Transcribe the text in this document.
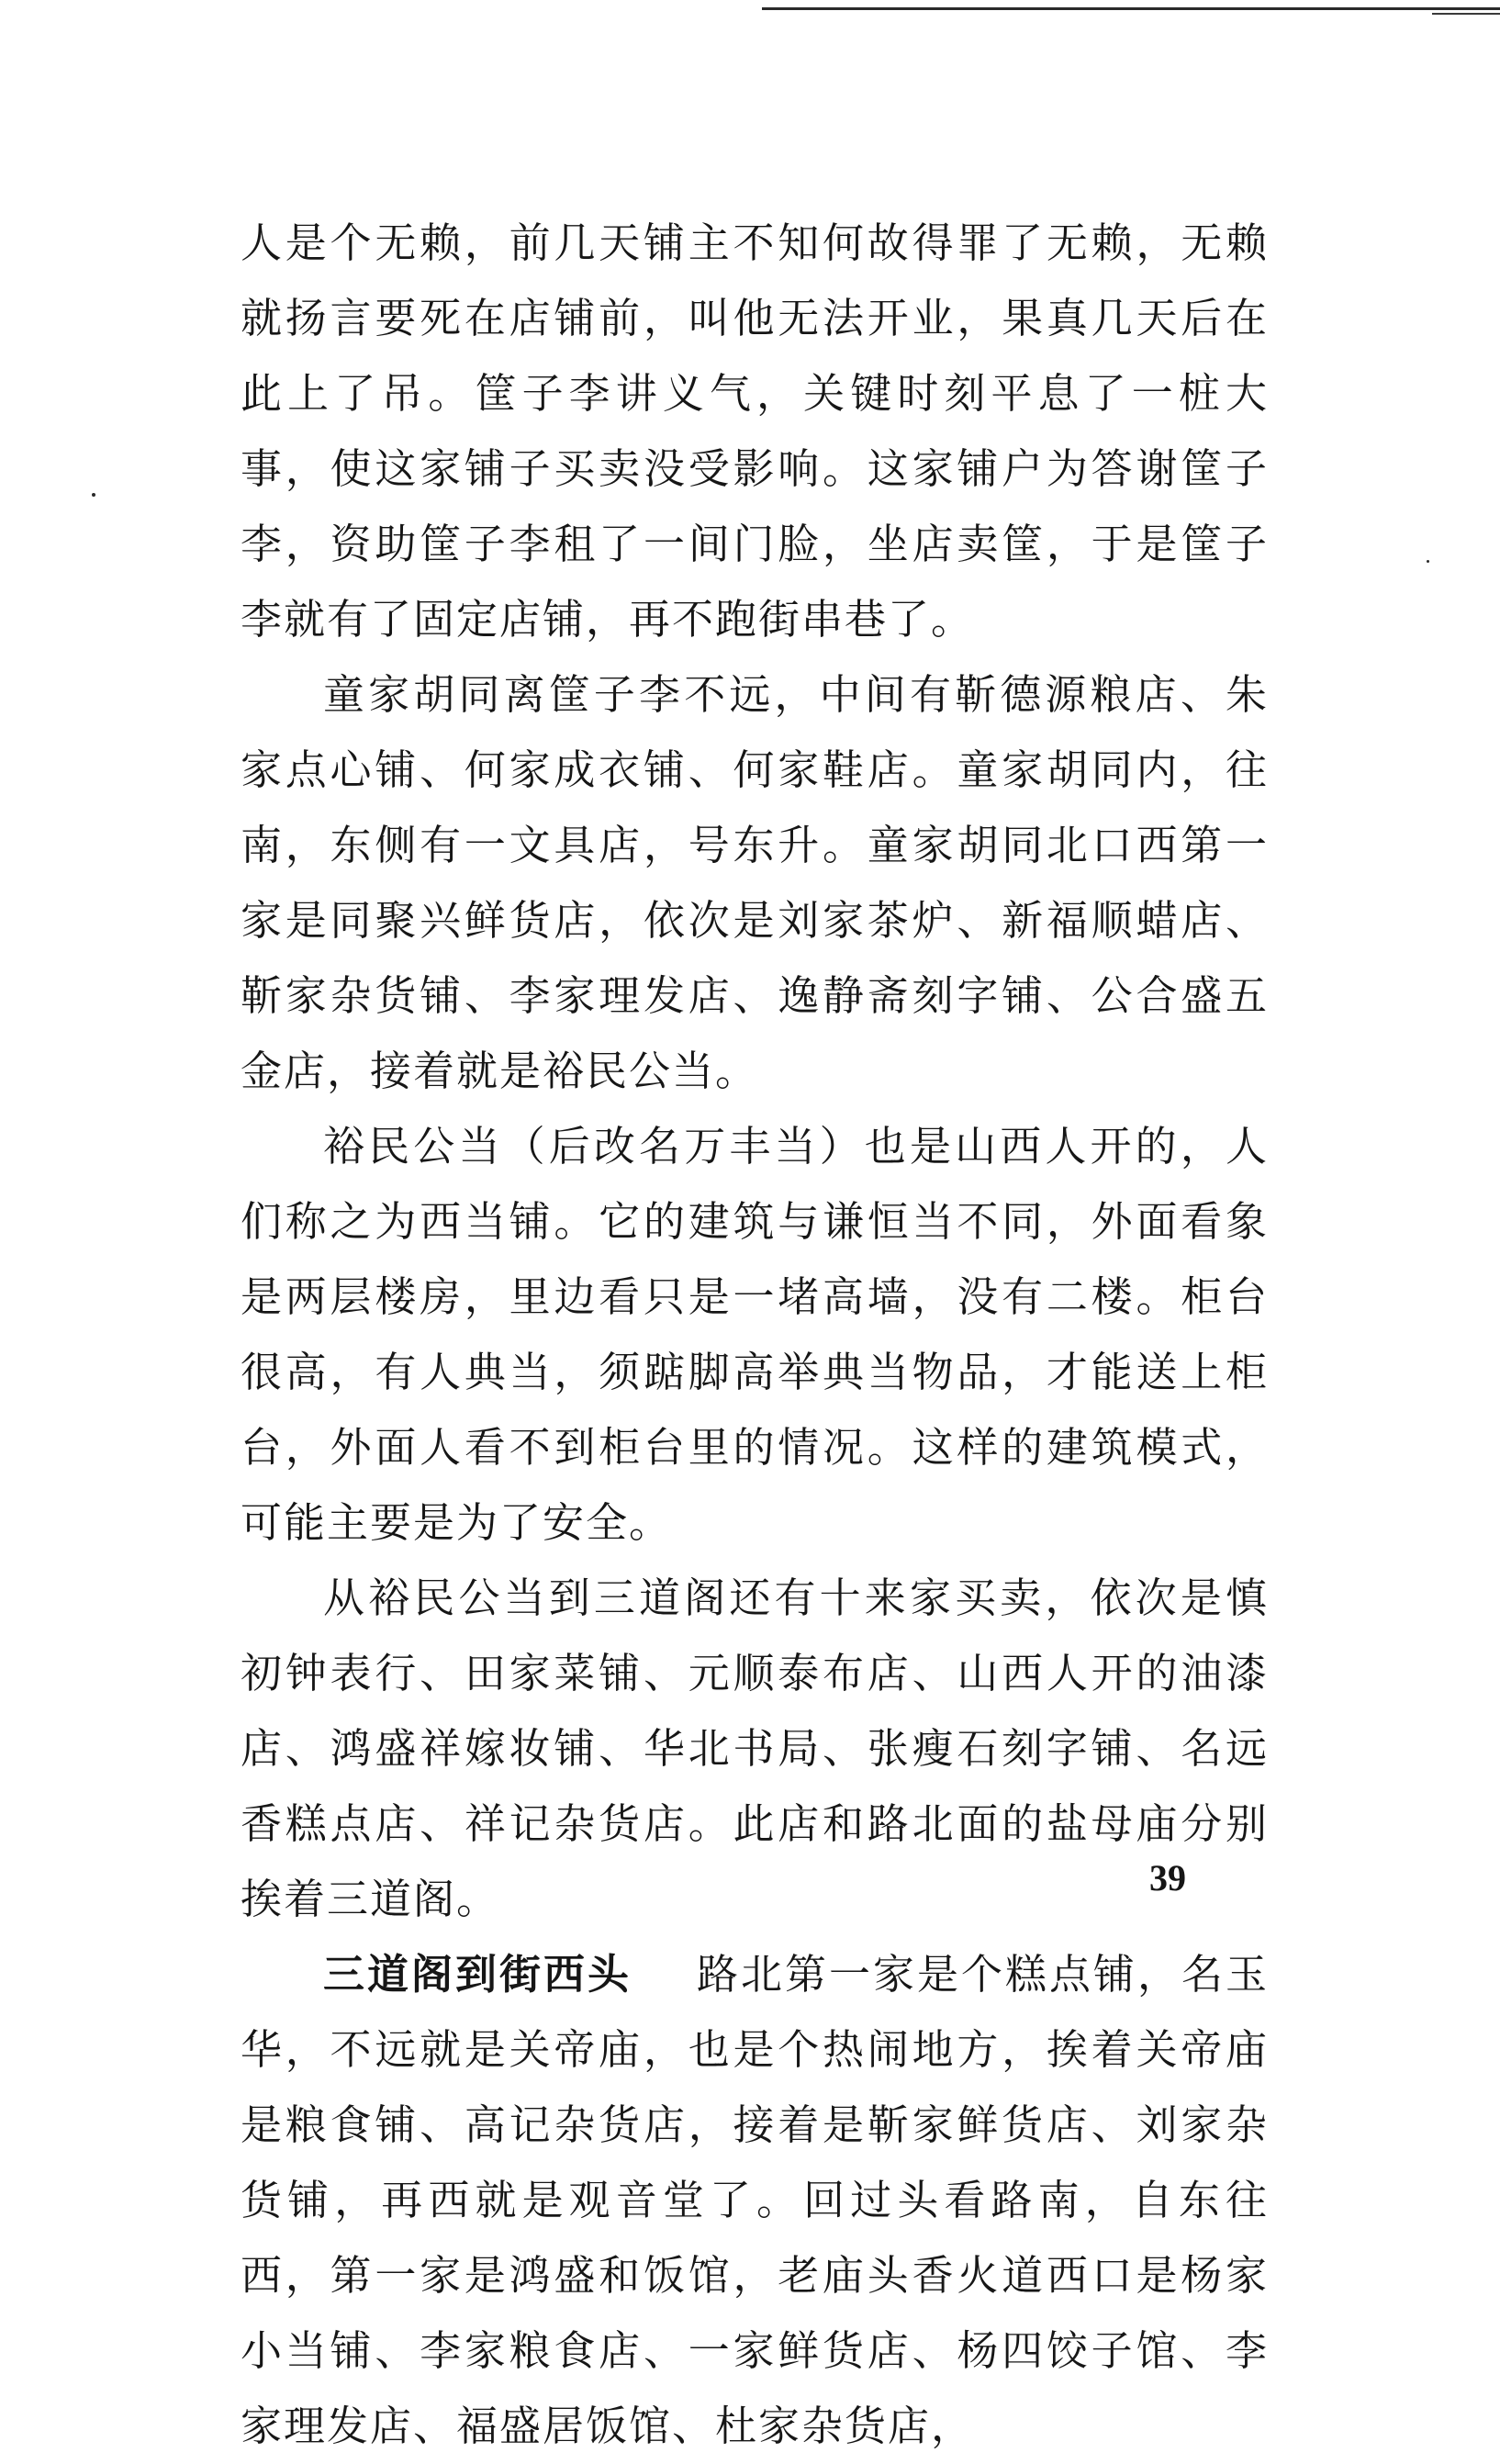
人是个无赖，前几天铺主不知何故得罪了无赖，无赖就扬言要死在店铺前，叫他无法开业，果真几天后在此上了吊。筐子李讲义气，关键时刻平息了一桩大事，使这家铺子买卖没受影响。这家铺户为答谢筐子李，资助筐子李租了一间门脸，坐店卖筐，于是筐子李就有了固定店铺，再不跑街串巷了。

童家胡同离筐子李不远，中间有靳德源粮店、朱家点心铺、何家成衣铺、何家鞋店。童家胡同内，往南，东侧有一文具店，号东升。童家胡同北口西第一家是同聚兴鲜货店，依次是刘家茶炉、新福顺蜡店、靳家杂货铺、李家理发店、逸静斋刻字铺、公合盛五金店，接着就是裕民公当。

裕民公当（后改名万丰当）也是山西人开的，人们称之为西当铺。它的建筑与谦恒当不同，外面看象是两层楼房，里边看只是一堵高墙，没有二楼。柜台很高，有人典当，须踮脚高举典当物品，才能送上柜台，外面人看不到柜台里的情况。这样的建筑模式，可能主要是为了安全。

从裕民公当到三道阁还有十来家买卖，依次是慎初钟表行、田家菜铺、元顺泰布店、山西人开的油漆店、鸿盛祥嫁妆铺、华北书局、张瘦石刻字铺、名远香糕点店、祥记杂货店。此店和路北面的盐母庙分别挨着三道阁。

三道阁到街西头 路北第一家是个糕点铺，名玉华，不远就是关帝庙，也是个热闹地方，挨着关帝庙是粮食铺、高记杂货店，接着是靳家鲜货店、刘家杂货铺，再西就是观音堂了。回过头看路南，自东往西，第一家是鸿盛和饭馆，老庙头香火道西口是杨家小当铺、李家粮食店、一家鲜货店、杨四饺子馆、李家理发店、福盛居饭馆、杜家杂货店，

39
